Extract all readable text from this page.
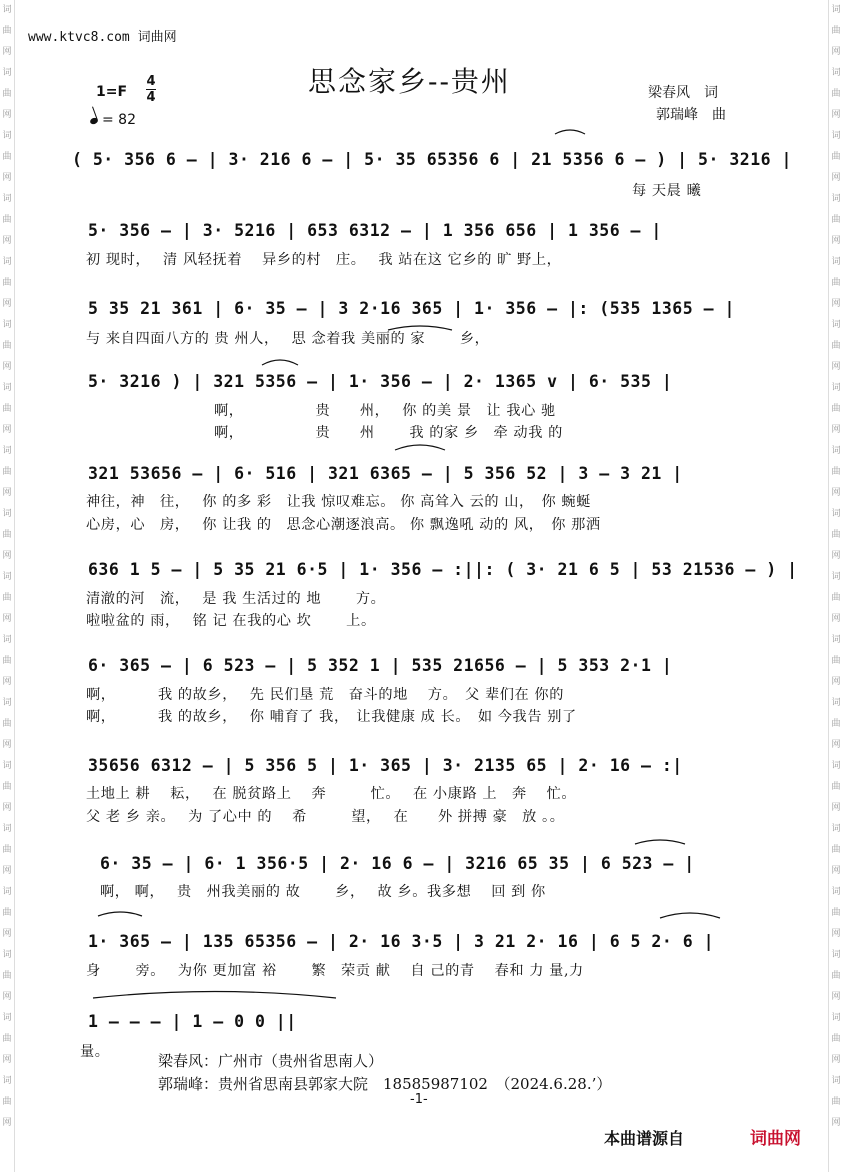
词
曲
网
词
曲
网
词
曲
网
词
曲
网
词
曲
网
词
曲
网
词
曲
网
词
曲
网
词
曲
网
词
曲
网
词
曲
网
词
曲
网
词
曲
网
词
曲
网
词
曲
网
词
曲
网
词
曲
网
词
曲
网
词
曲
网
词
曲
网
词
曲
网
词
曲
网
词
曲
网
词
曲
网
词
曲
网
词
曲
网
词
曲
网
词
曲
网
词
曲
网
词
曲
网
词
曲
网
词
曲
网
词
曲
网
词
曲
网
词
曲
网
词
曲
网
www.ktvc8.com 词曲网
思念家乡--贵州	梁春风　词
郭瑞峰　曲
1=F
4
4
= 82
( 5· 356 6 – | 3· 216 6 – | 5· 35 65356 6 | 21 5356 6 – ) | 5· 3216 |
每 天晨 曦
5· 356 – | 3· 5216 | 653 6312 – | 1 356 656 | 1 356 – |
初 现时，　 清 风轻抚着　 异乡的村　庄。　 我 站在这 它乡的 旷 野上，
5 35 21 361 | 6· 35 – | 3 2·16 365 | 1· 356 – |: (535 1365 – |
与 来自四面八方的 贵 州人，　 思 念着我 美丽的 家　　 乡，
5· 3216 ) | 321 5356 – | 1· 356 – | 2· 1365 v | 6· 535 |
啊，　　　　　 贵　　州，　 你 的美 景　让 我心 驰
啊，　　　　　 贵　　州　　 我 的家 乡　牵 动我 的
321 53656 – | 6· 516 | 321 6365 – | 5 356 52 | 3 – 3 21 |
神往，神　往，　 你 的多 彩　让我 惊叹难忘。 你 高耸入 云的 山，　你 蜿蜒
心房，心　房，　 你 让我 的　思念心潮逐浪高。 你 飘逸吼 动的 风，　你 那洒
636 1 5 – | 5 35 21 6·5 | 1· 356 – :||: ( 3· 21 6 5 | 53 21536 – ) |
清澈的河　流，　 是 我 生活过的 地　　 方。
啦啦盆的 雨，　 铭 记 在我的心 坎　　 上。
6· 365 – | 6 523 – | 5 352 1 | 535 21656 – | 5 353 2·1 |
啊，　　　 我 的故乡，　 先 民们垦 荒　奋斗的地　 方。　父 辈们在 你的
啊，　　　 我 的故乡，　 你 哺育了 我，　让我健康 成 长。　如 今我告 别了
35656 6312 – | 5 356 5 | 1· 365 | 3· 2135 65 | 2· 16 – :|
土地上 耕　 耘，　 在 脱贫路上　 奔　　　忙。　 在 小康路 上　奔　 忙。
父 老 乡 亲。　 为 了心中 的　 希　　　望，　 在　　外 拼搏 豪　放 。。
6· 35 – | 6· 1 356·5 | 2· 16 6 – | 3216 65 35 | 6 523 – |
啊， 啊，　 贵　州我美丽的 故　　 乡，　 故 乡。我多想　 回 到 你
1· 365 – | 135 65356 – | 2· 16 3·5 | 3 21 2· 16 | 6 5 2· 6 |
身　　 旁。　 为你 更加富 裕　　 繁　荣贡 献　 自 己的青　 春和 力 量,力
1 – – – | 1 – 0 0 ||
量。	梁春风：广州市（贵州省思南人）
郭瑞峰：贵州省思南县郭家大院　18585987102　（2024.6.28.’）
-1-
本曲谱源自	词曲网
